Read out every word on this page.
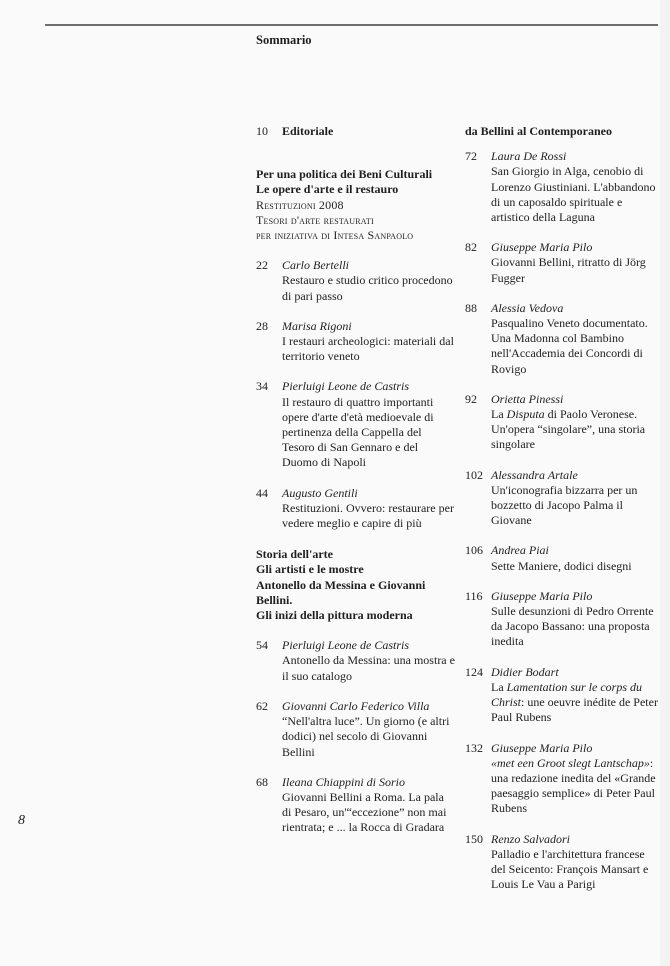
Sommario
10	Editoriale
Per una politica dei Beni Culturali
Le opere d'arte e il restauro
Restituzioni 2008
Tesori d'arte restaurati
per iniziativa di Intesa Sanpaolo
22	Carlo Bertelli
Restauro e studio critico procedono di pari passo
28	Marisa Rigoni
I restauri archeologici: materiali dal territorio veneto
34	Pierluigi Leone de Castris
Il restauro di quattro importanti opere d'arte d'età medioevale di pertinenza della Cappella del Tesoro di San Gennaro e del Duomo di Napoli
44	Augusto Gentili
Restituzioni. Ovvero: restaurare per vedere meglio e capire di più
Storia dell'arte
Gli artisti e le mostre
Antonello da Messina e Giovanni Bellini.
Gli inizi della pittura moderna
54	Pierluigi Leone de Castris
Antonello da Messina: una mostra e il suo catalogo
62	Giovanni Carlo Federico Villa
“Nell'altra luce”. Un giorno (e altri dodici) nel secolo di Giovanni Bellini
68	Ileana Chiappini di Sorio
Giovanni Bellini a Roma. La pala di Pesaro, un'“eccezione” non mai rientrata; e ... la Rocca di Gradara
da Bellini al Contemporaneo
72	Laura De Rossi
San Giorgio in Alga, cenobio di Lorenzo Giustiniani. L'abbandono di un caposaldo spirituale e artistico della Laguna
82	Giuseppe Maria Pilo
Giovanni Bellini, ritratto di Jörg Fugger
88	Alessia Vedova
Pasqualino Veneto documentato. Una Madonna col Bambino nell'Accademia dei Concordi di Rovigo
92	Orietta Pinessi
La Disputa di Paolo Veronese. Un'opera “singolare”, una storia singolare
102 Alessandra Artale
Un'iconografia bizzarra per un bozzetto di Jacopo Palma il Giovane
106 Andrea Piai
Sette Maniere, dodici disegni
116 Giuseppe Maria Pilo
Sulle desunzioni di Pedro Orrente da Jacopo Bassano: una proposta inedita
124 Didier Bodart
La Lamentation sur le corps du Christ: une oeuvre inédite de Peter Paul Rubens
132 Giuseppe Maria Pilo
«met een Groot slegt Lantschap»: una redazione inedita del «Grande paesaggio semplice» di Peter Paul Rubens
150 Renzo Salvadori
Palladio e l'architettura francese del Seicento: François Mansart e Louis Le Vau a Parigi
8
